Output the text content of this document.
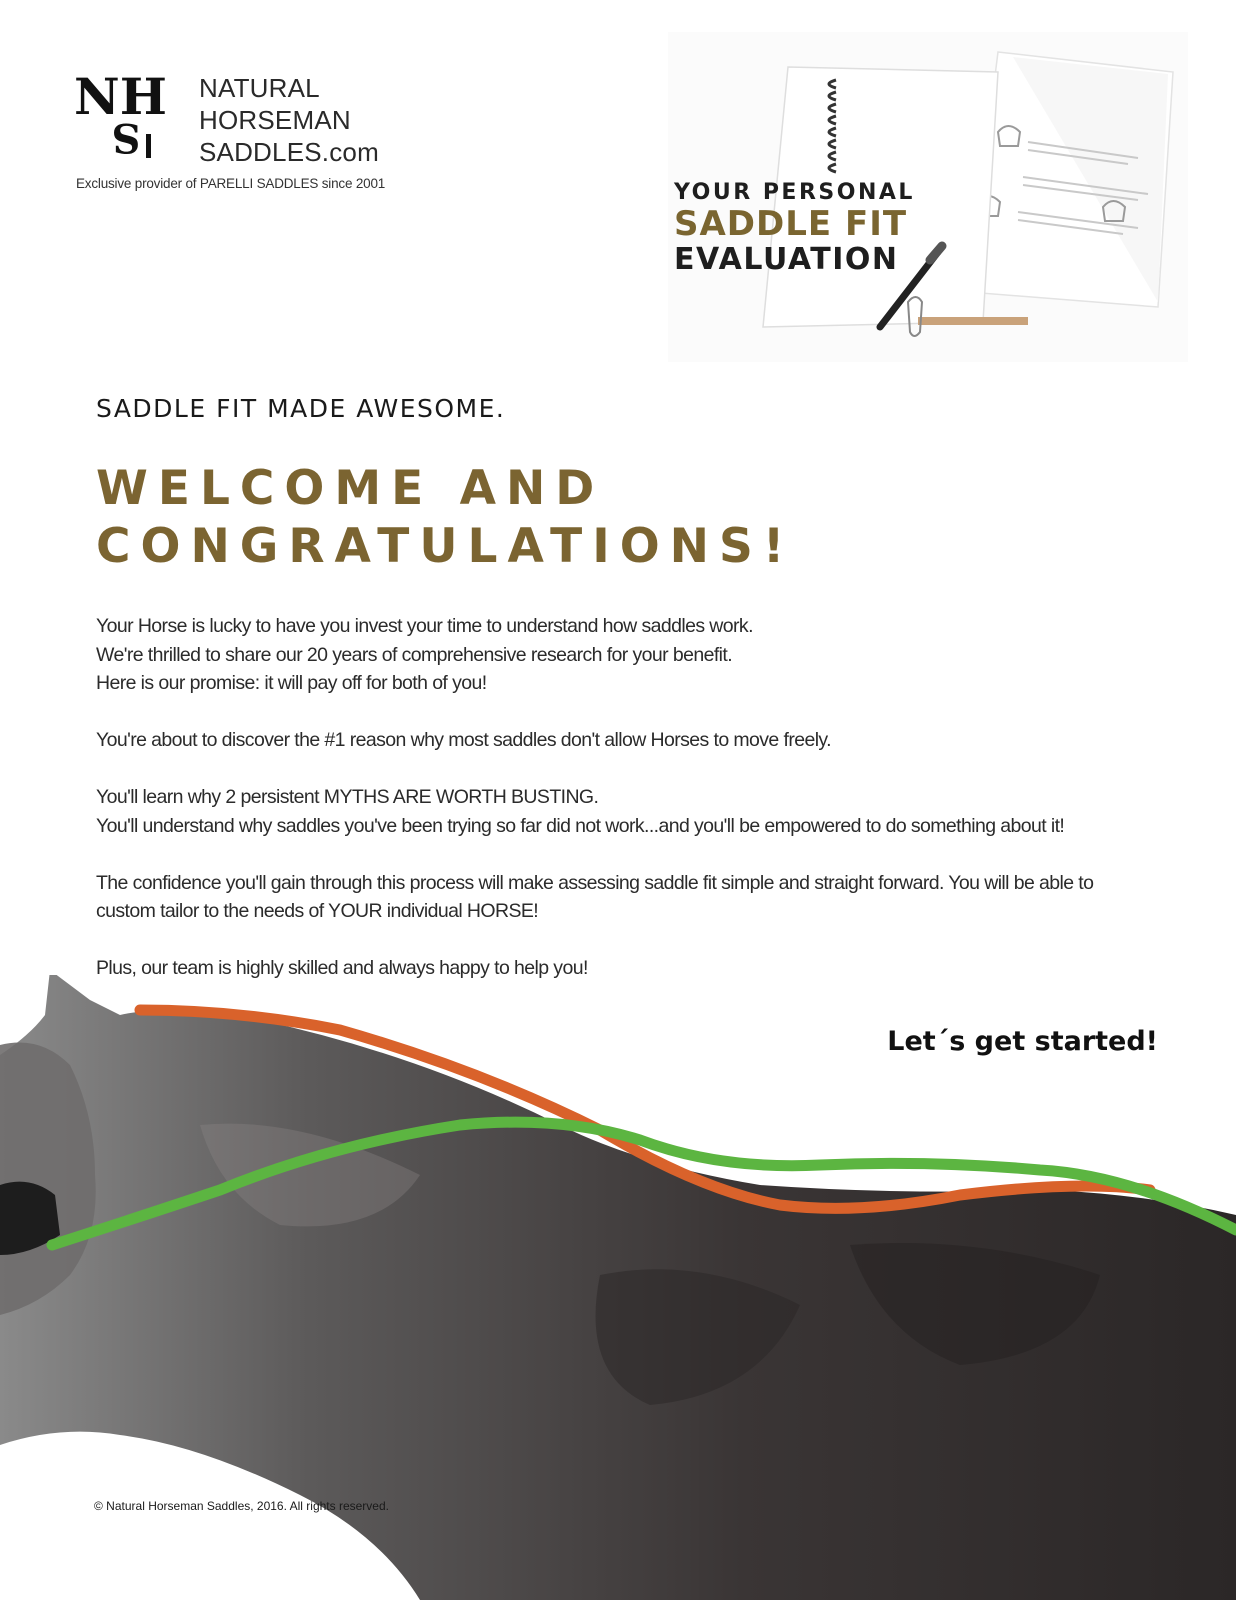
NH
S
NATURAL
HORSEMAN
SADDLES.com
Exclusive provider of PARELLI SADDLES since 2001	YOUR PERSONAL
SADDLE FIT
EVALUATION
SADDLE FIT MADE AWESOME.
WELCOME AND
CONGRATULATIONS!

Your Horse is lucky to have you invest your time to understand how saddles work.
We're thrilled to share our 20 years of comprehensive research for your benefit.
Here is our promise: it will pay off for both of you!

You're about to discover the #1 reason why most saddles don't allow Horses to move freely.

You'll learn why 2 persistent MYTHS ARE WORTH BUSTING.
You'll understand why saddles you've been trying so far did not work...and you'll be empowered to do something about it!

The confidence you'll gain through this process will make assessing saddle fit simple and straight forward. You will be able to
custom tailor to the needs of YOUR individual HORSE!

Plus, our team is highly skilled and always happy to help you!

Let´s get started!
© Natural Horseman Saddles, 2016. All rights reserved.
